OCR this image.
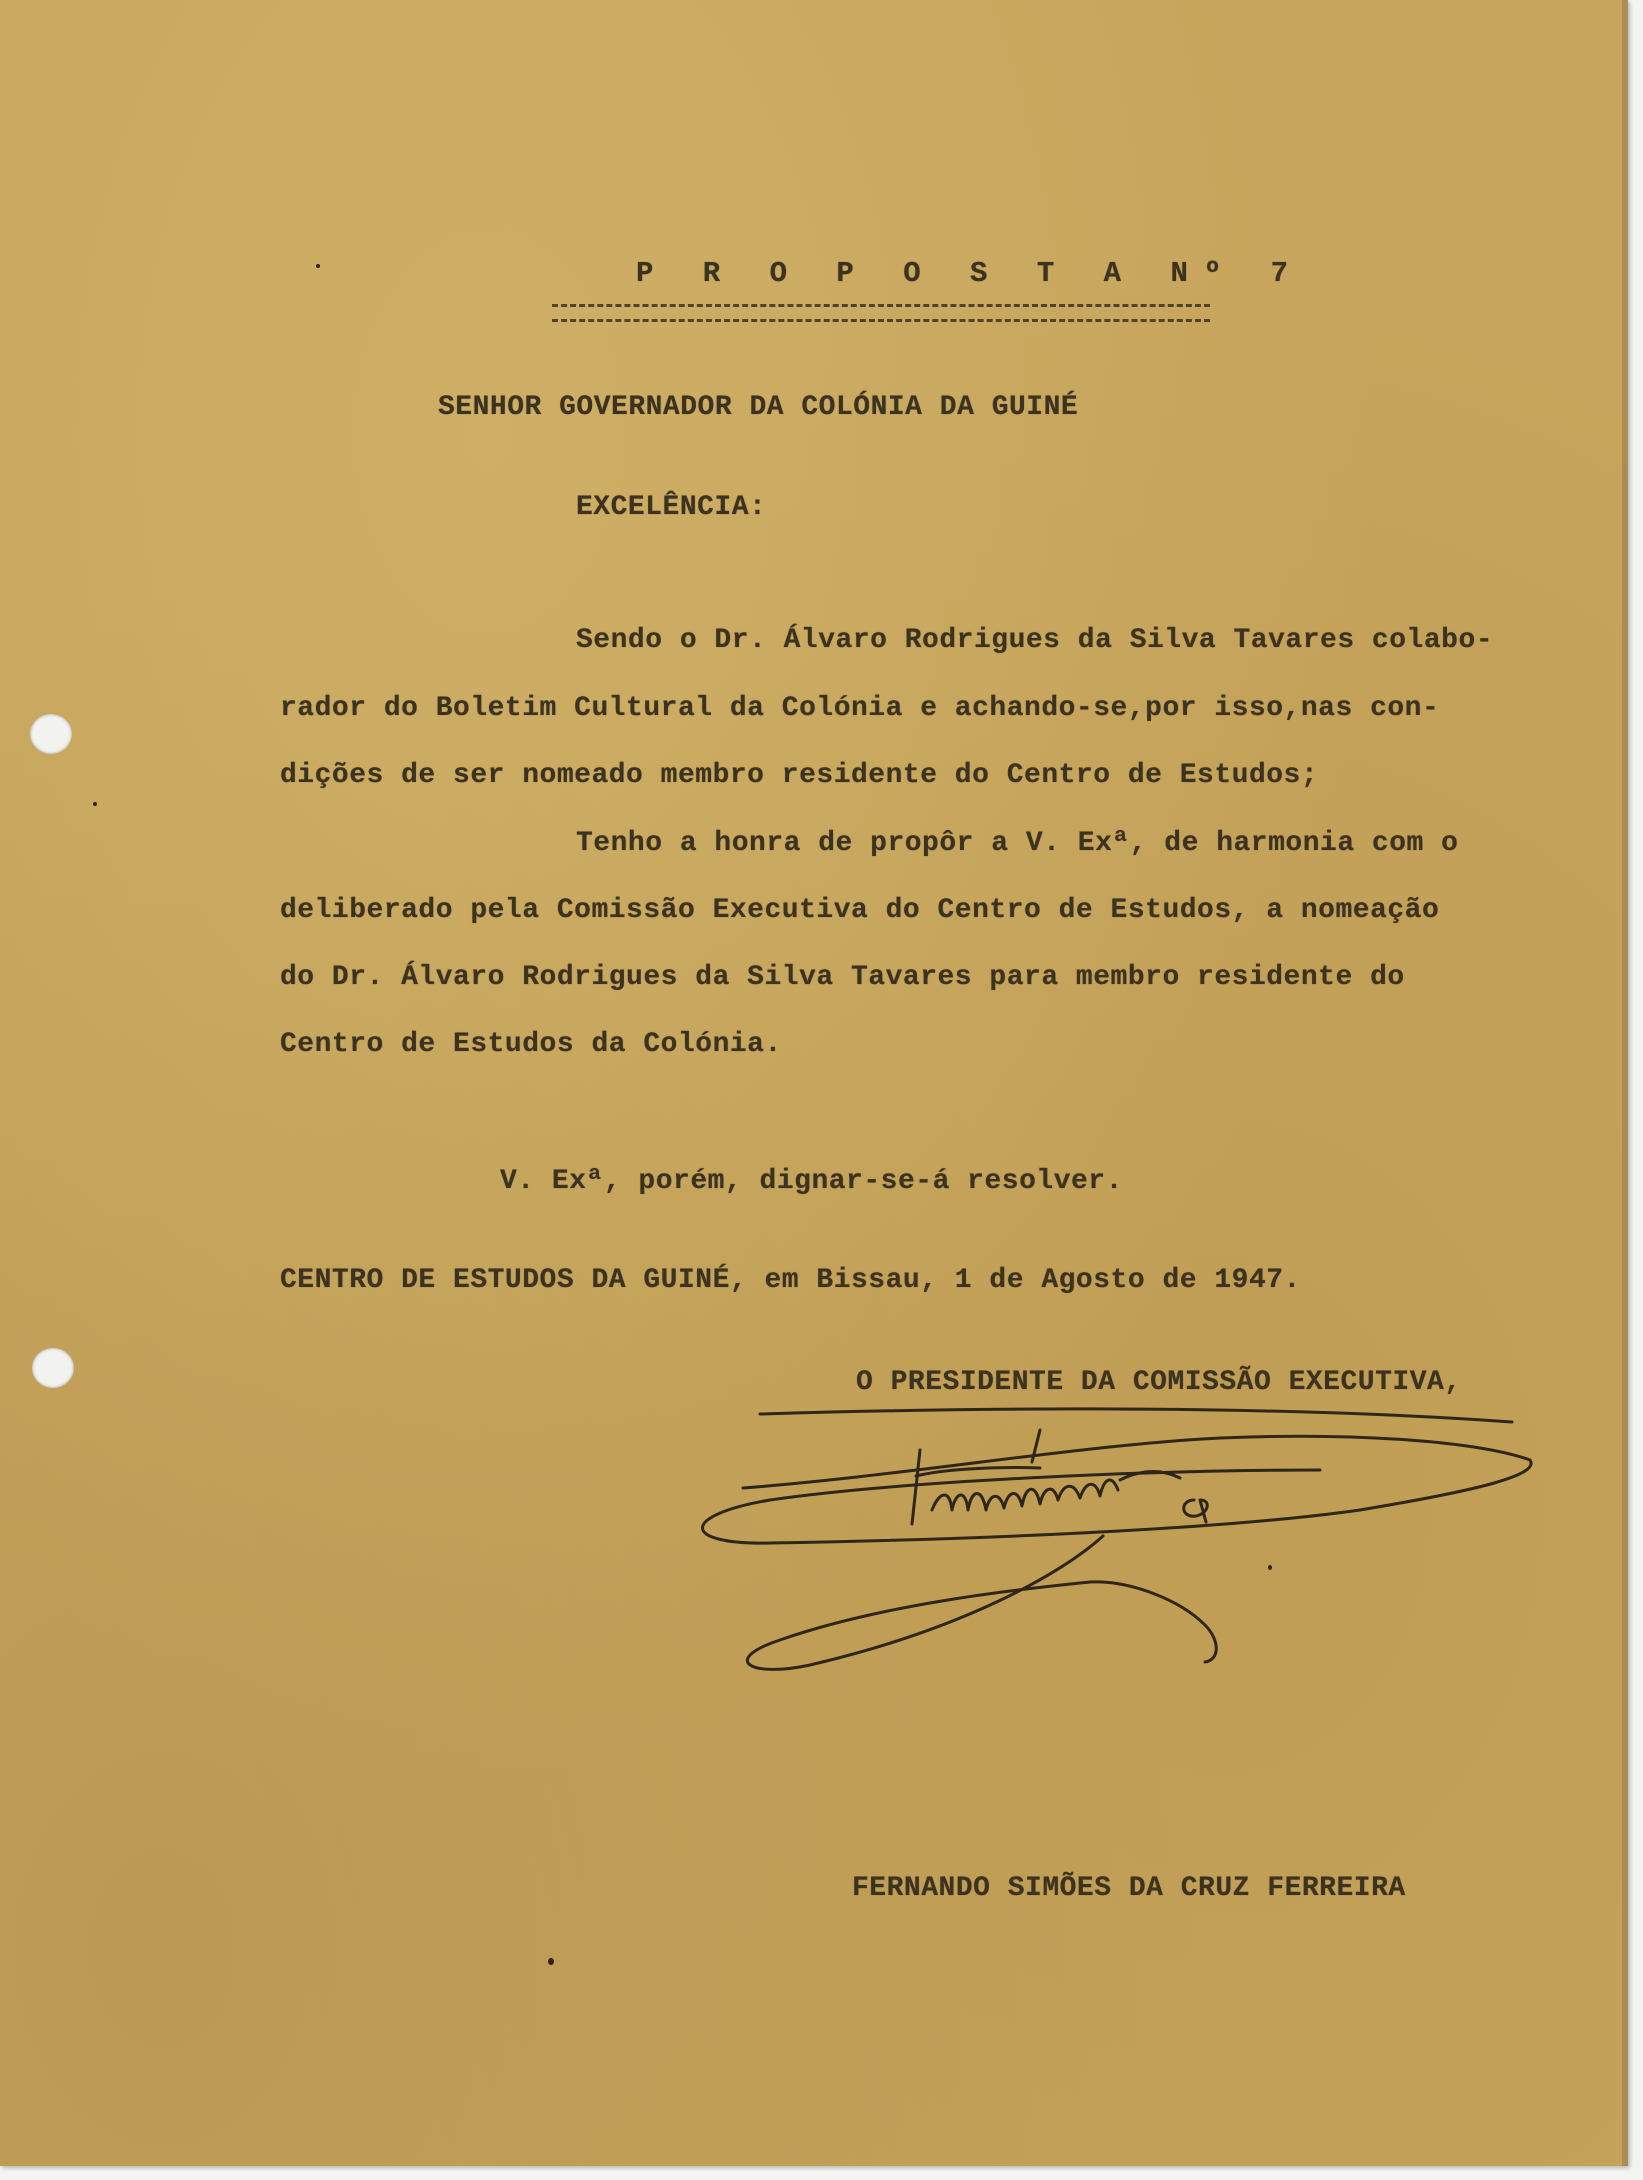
P R O P O S T A Nº 7

SENHOR GOVERNADOR DA COLÓNIA DA GUINÉ

EXCELÊNCIA:

Sendo o Dr. Álvaro Rodrigues da Silva Tavares colabo-

rador do Boletim Cultural da Colónia e achando-se,por isso,nas con-

dições de ser nomeado membro residente do Centro de Estudos;

Tenho a honra de propôr a V. Exª, de harmonia com o

deliberado pela Comissão Executiva do Centro de Estudos, a nomeação

do Dr. Álvaro Rodrigues da Silva Tavares para membro residente do

Centro de Estudos da Colónia.

V. Exª, porém, dignar-se-á resolver.

CENTRO DE ESTUDOS DA GUINÉ, em Bissau, 1 de Agosto de 1947.

O PRESIDENTE DA COMISSÃO EXECUTIVA,

FERNANDO SIMÕES DA CRUZ FERREIRA
